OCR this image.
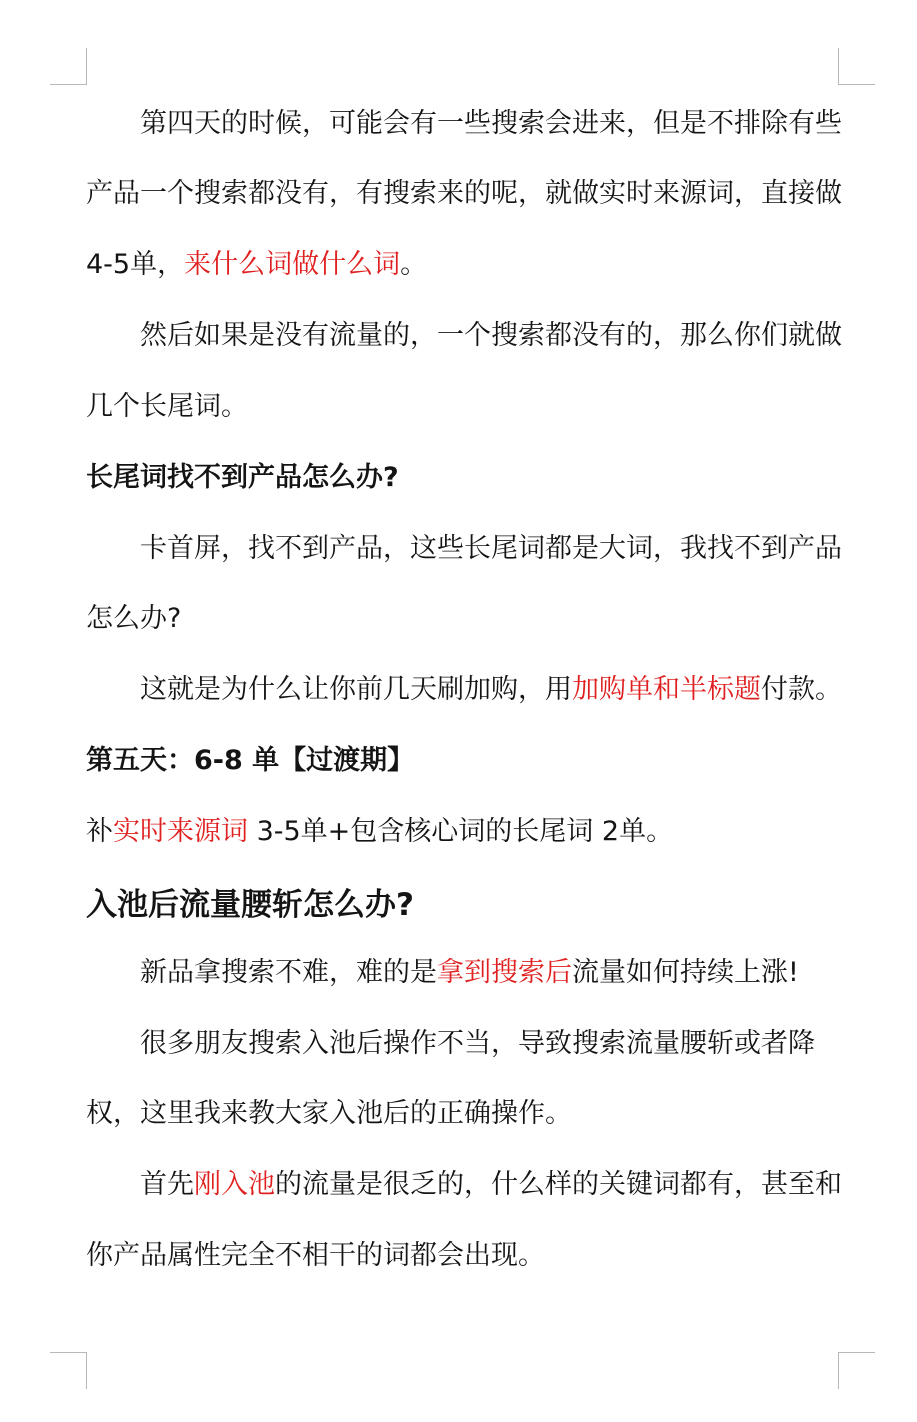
第四天的时候，可能会有一些搜索会进来，但是不排除有些
产品一个搜索都没有，有搜索来的呢，就做实时来源词，直接做
4-5单，来什么词做什么词。
然后如果是没有流量的，一个搜索都没有的，那么你们就做
几个长尾词。
长尾词找不到产品怎么办?
卡首屏，找不到产品，这些长尾词都是大词，我找不到产品
怎么办?
这就是为什么让你前几天刷加购，用加购单和半标题付款。
第五天：6-8 单【过渡期】
补实时来源词 3-5单+包含核心词的长尾词 2单。
入池后流量腰斩怎么办?
新品拿搜索不难，难的是拿到搜索后流量如何持续上涨!
很多朋友搜索入池后操作不当，导致搜索流量腰斩或者降
权，这里我来教大家入池后的正确操作。
首先刚入池的流量是很乏的，什么样的关键词都有，甚至和
你产品属性完全不相干的词都会出现。
